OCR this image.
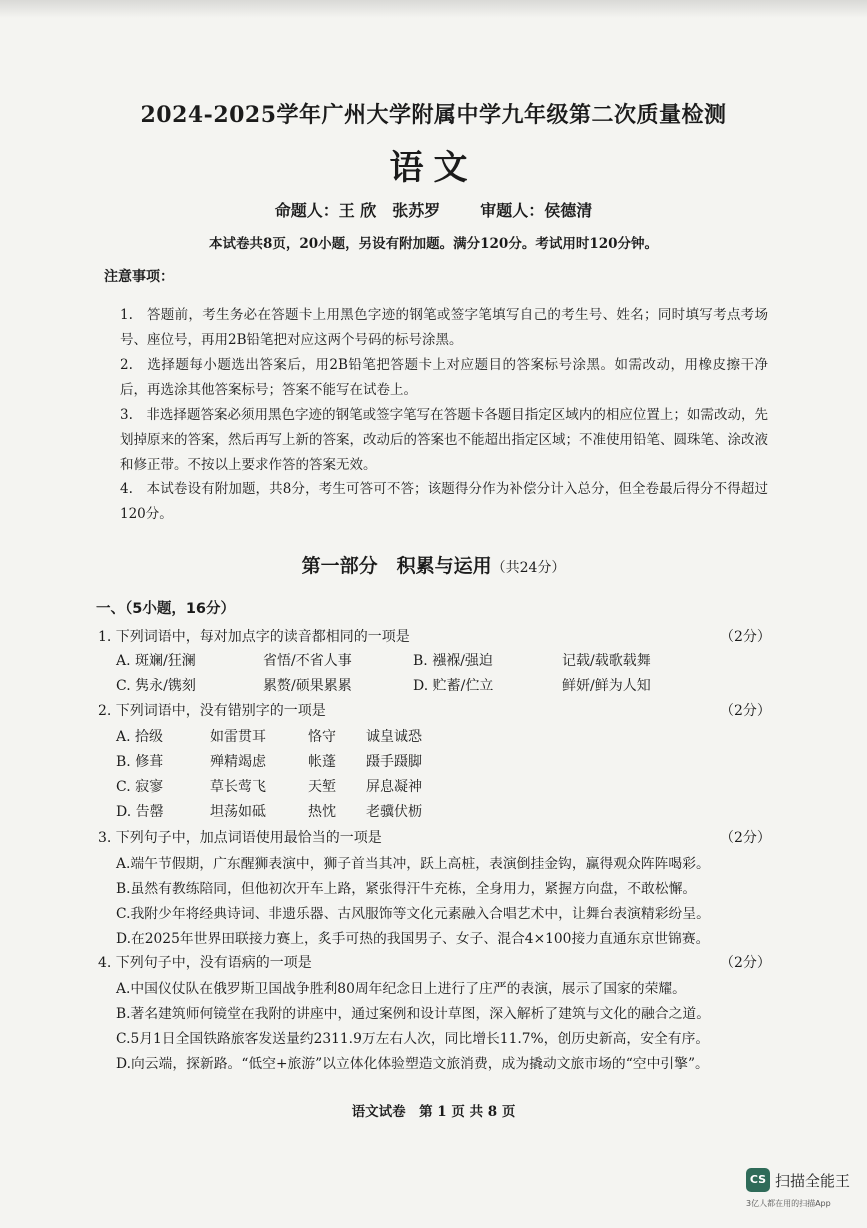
2024-2025学年广州大学附属中学九年级第二次质量检测
语文
命题人：王 欣　张苏罗	审题人：侯德清
本试卷共8页，20小题，另设有附加题。满分120分。考试用时120分钟。
注意事项：
1.　答题前，考生务必在答题卡上用黑色字迹的钢笔或签字笔填写自己的考生号、姓名；同时填写考点考场号、座位号，再用2B铅笔把对应这两个号码的标号涂黑。
2.　选择题每小题选出答案后，用2B铅笔把答题卡上对应题目的答案标号涂黑。如需改动，用橡皮擦干净后，再选涂其他答案标号；答案不能写在试卷上。
3.　非选择题答案必须用黑色字迹的钢笔或签字笔写在答题卡各题目指定区域内的相应位置上；如需改动，先划掉原来的答案，然后再写上新的答案，改动后的答案也不能超出指定区域；不准使用铅笔、圆珠笔、涂改液和修正带。不按以上要求作答的答案无效。
4.　本试卷设有附加题，共8分，考生可答可不答；该题得分作为补偿分计入总分，但全卷最后得分不得超过120分。
第一部分　积累与运用（共24分）
一、（5小题，16分）
1. 下列词语中，每对加点字的读音都相同的一项是	（2分）
A. 斑斓/狂澜	省悟/不省人事	B. 襁褓/强迫	记载/载歌载舞
C. 隽永/镌刻	累赘/硕果累累	D. 贮蓄/伫立	鲜妍/鲜为人知
2. 下列词语中，没有错别字的一项是	（2分）
A. 拾级	如雷贯耳	恪守 诚皇诚恐
B. 修葺	殚精竭虑	帐蓬 蹑手蹑脚
C. 寂寥	草长莺飞	天堑 屏息凝神
D. 告罄	坦荡如砥	热忱 老骥伏枥
3. 下列句子中，加点词语使用最恰当的一项是	（2分）
A.端午节假期，广东醒狮表演中，狮子首当其冲，跃上高桩，表演倒挂金钩，赢得观众阵阵喝彩。
B.虽然有教练陪同，但他初次开车上路，紧张得汗牛充栋，全身用力，紧握方向盘，不敢松懈。
C.我附少年将经典诗词、非遗乐器、古风服饰等文化元素融入合唱艺术中，让舞台表演精彩纷呈。
D.在2025年世界田联接力赛上，炙手可热的我国男子、女子、混合4×100接力直通东京世锦赛。
4. 下列句子中，没有语病的一项是	（2分）
A.中国仪仗队在俄罗斯卫国战争胜利80周年纪念日上进行了庄严的表演，展示了国家的荣耀。
B.著名建筑师何镜堂在我附的讲座中，通过案例和设计草图，深入解析了建筑与文化的融合之道。
C.5月1日全国铁路旅客发送量约2311.9万左右人次，同比增长11.7%，创历史新高，安全有序。
D.向云端，探新路。“低空+旅游”以立体化体验塑造文旅消费，成为撬动文旅市场的“空中引擎”。
语文试卷　第 1 页 共 8 页
CS 扫描全能王
3亿人都在用的扫描App
